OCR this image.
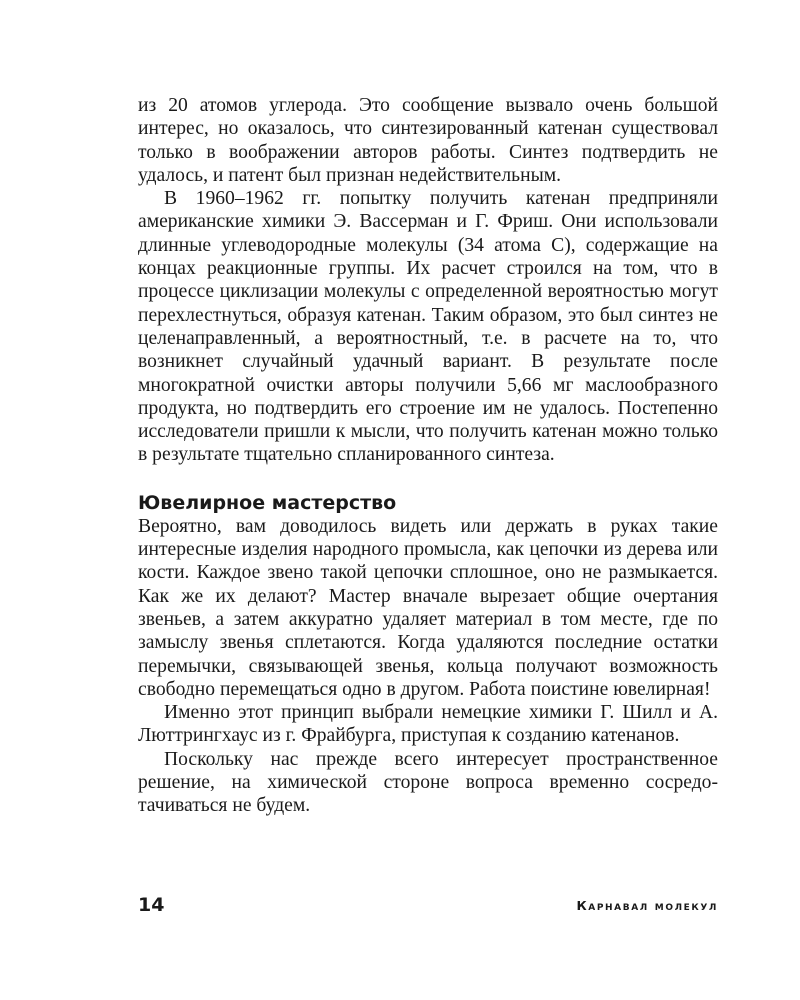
из 20 атомов углерода. Это сообщение вызвало очень большой интерес, но оказалось, что синтезированный катенан существовал только в воображении авторов работы. Синтез подтвердить не удалось, и патент был признан недействительным.

В 1960–1962 гг. попытку получить катенан предприняли американские химики Э. Вассерман и Г. Фриш. Они использовали длинные углеводородные молекулы (34 атома С), содержащие на концах реакционные группы. Их расчет строился на том, что в процессе циклизации молекулы с определенной вероятностью могут перехлестнуться, образуя катенан. Таким образом, это был синтез не целенаправленный, а вероятностный, т.е. в расчете на то, что возникнет случайный удачный вариант. В результате после многократной очистки авторы получили 5,66 мг маслообразного продукта, но подтвердить его строение им не удалось. Постепенно исследователи пришли к мысли, что получить катенан можно только в результате тщательно спланированного синтеза.

Ювелирное мастерство

Вероятно, вам доводилось видеть или держать в руках такие интересные изделия народного промысла, как цепочки из дерева или кости. Каждое звено такой цепочки сплошное, оно не размыкается. Как же их делают? Мастер вначале вырезает общие очертания звеньев, а затем аккуратно удаляет материал в том месте, где по замыслу звенья сплетаются. Когда удаляются последние остатки перемычки, связывающей звенья, кольца получают возможность свободно перемещаться одно в другом. Работа поистине ювелирная!

Именно этот принцип выбрали немецкие химики Г. Шилл и А. Люттрингхаус из г. Фрайбурга, приступая к созданию катенанов.

Поскольку нас прежде всего интересует пространственное решение, на химической стороне вопроса временно сосредотачиваться не будем.

14	Карнавал молекул
